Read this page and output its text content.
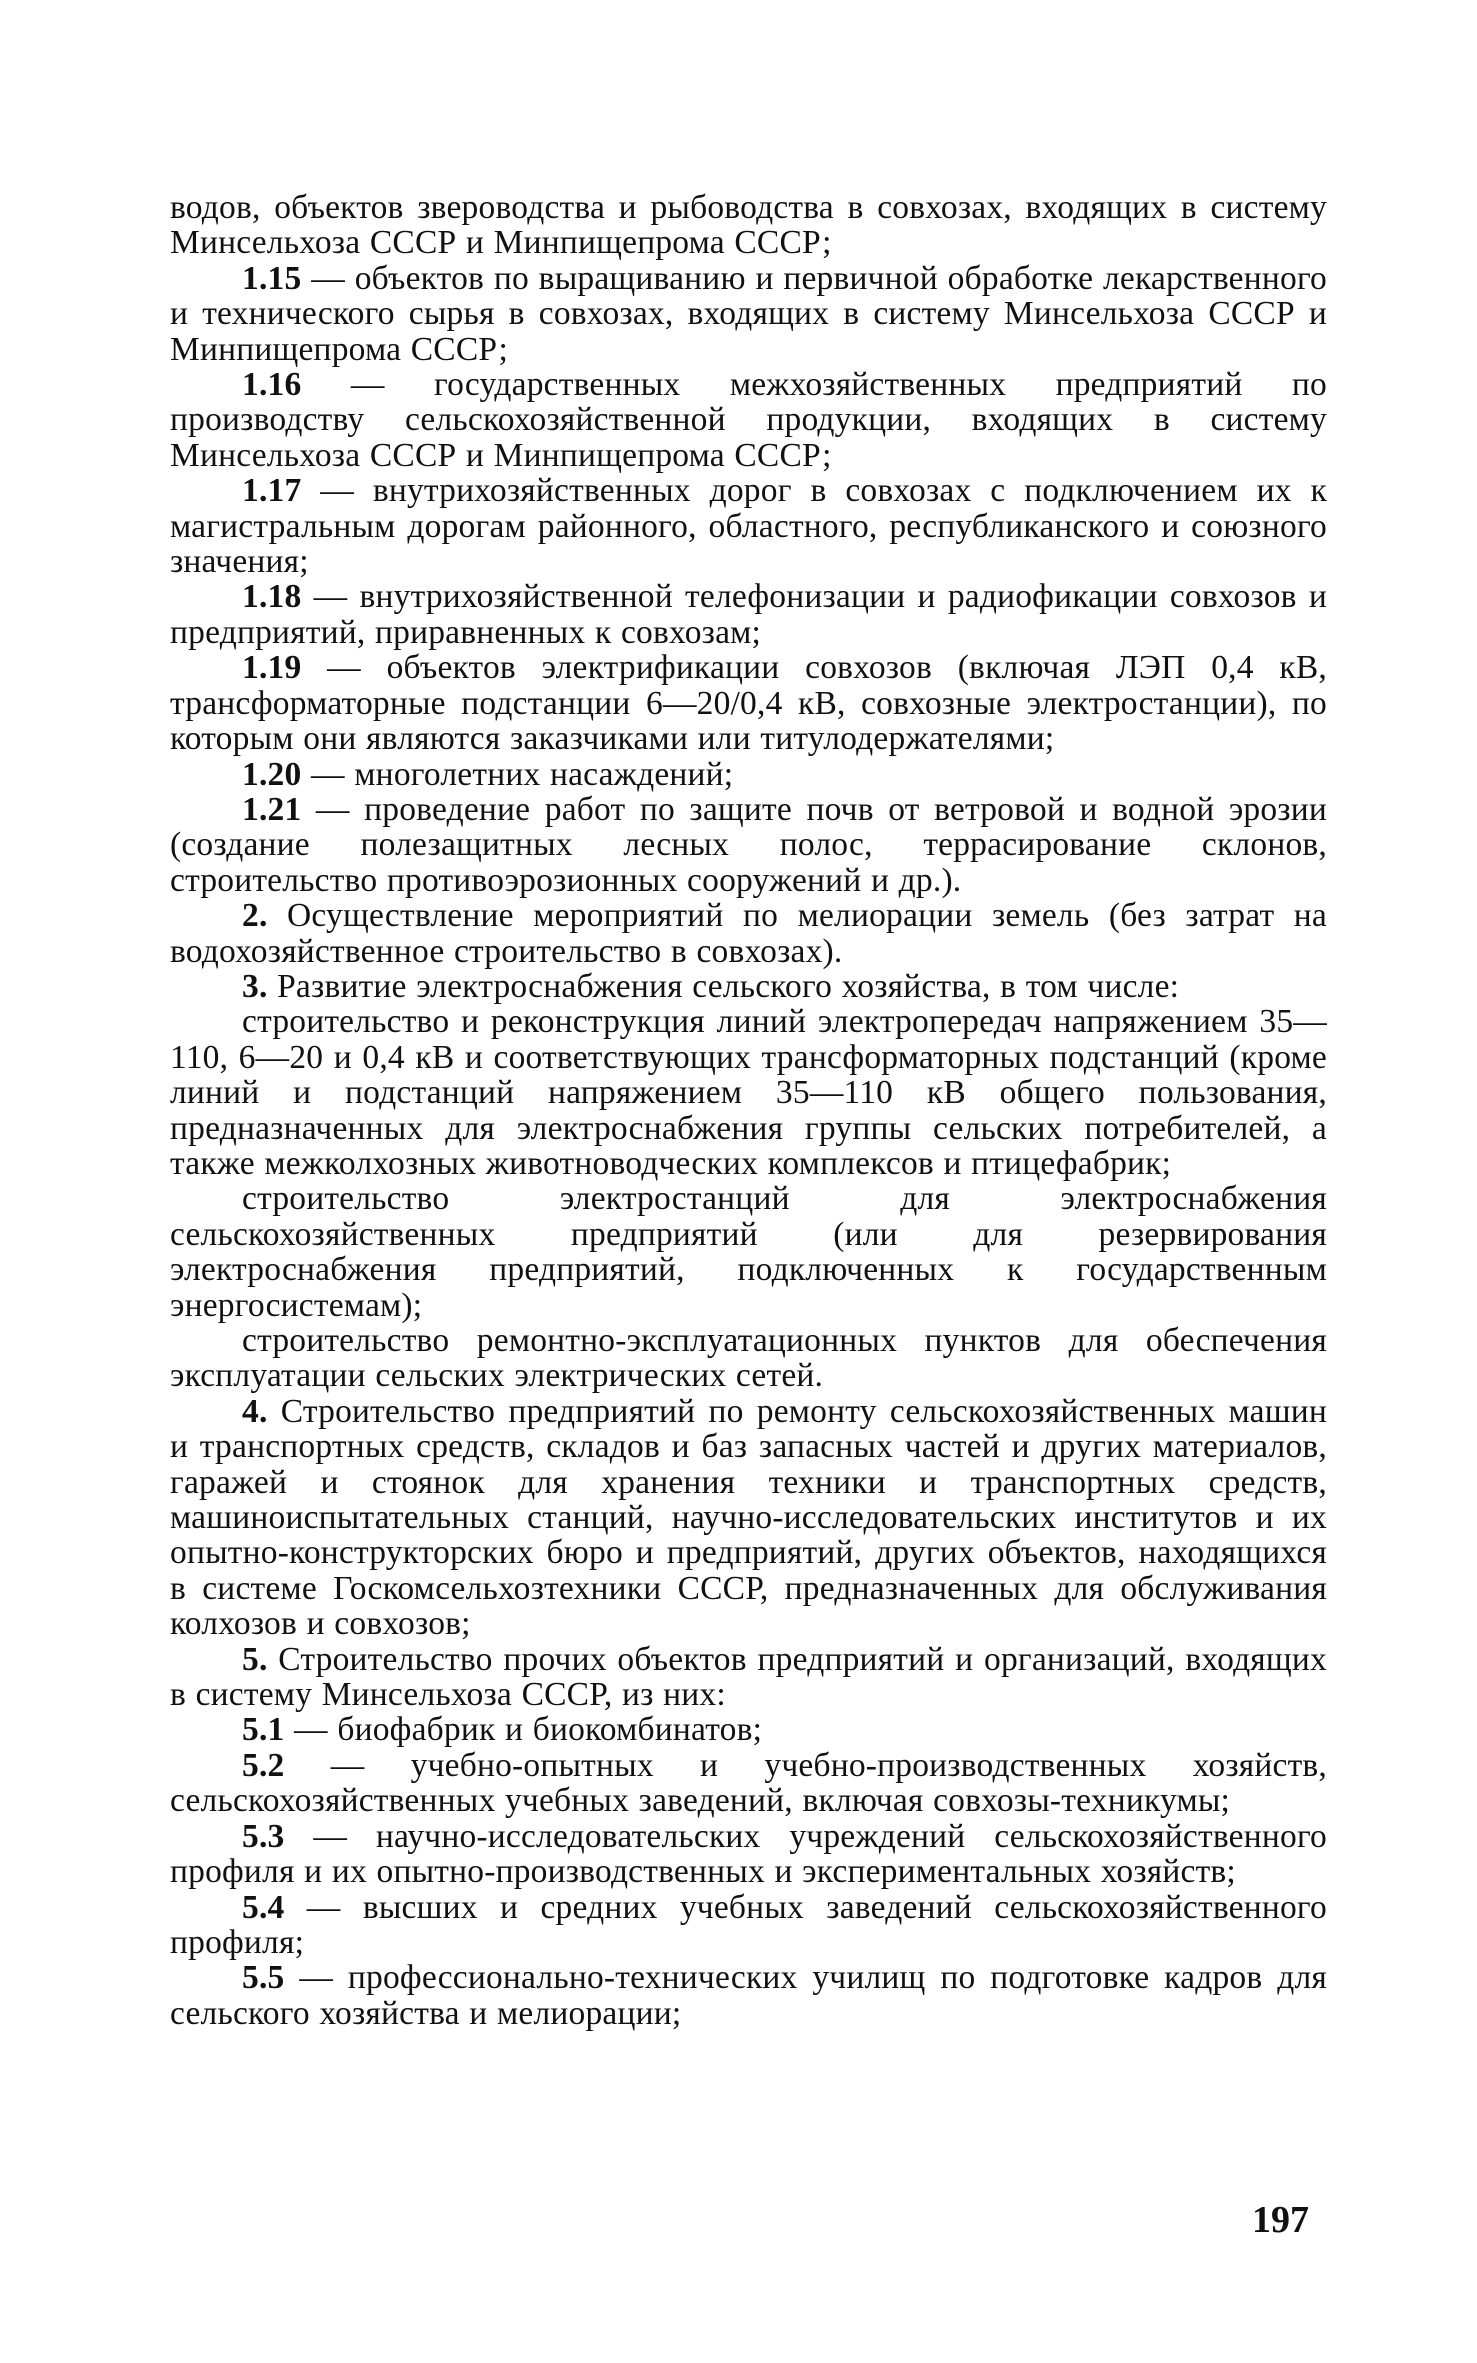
водов, объектов звероводства и рыбоводства в совхозах, входящих в систему Минсельхоза СССР и Минпищепрома СССР;

1.15 — объектов по выращиванию и первичной обработке лекарственного и технического сырья в совхозах, входящих в систему Минсельхоза СССР и Минпищепрома СССР;

1.16 — государственных межхозяйственных предприятий по производству сельскохозяйственной продукции, входящих в систему Минсельхоза СССР и Минпищепрома СССР;

1.17 — внутрихозяйственных дорог в совхозах с подключением их к магистральным дорогам районного, областного, республиканского и союзного значения;

1.18 — внутрихозяйственной телефонизации и радиофикации совхозов и предприятий, приравненных к совхозам;

1.19 — объектов электрификации совхозов (включая ЛЭП 0,4 кВ, трансформаторные подстанции 6—20/0,4 кВ, совхозные электростанции), по которым они являются заказчиками или титулодержателями;

1.20 — многолетних насаждений;

1.21 — проведение работ по защите почв от ветровой и водной эрозии (создание полезащитных лесных полос, террасирование склонов, строительство противоэрозионных сооружений и др.).

2. Осуществление мероприятий по мелиорации земель (без затрат на водохозяйственное строительство в совхозах).

3. Развитие электроснабжения сельского хозяйства, в том числе:

строительство и реконструкция линий электропередач напряжением 35—110, 6—20 и 0,4 кВ и соответствующих трансформаторных подстанций (кроме линий и подстанций напряжением 35—110 кВ общего пользования, предназначенных для электроснабжения группы сельских потребителей, а также межколхозных животноводческих комплексов и птицефабрик;

строительство электростанций для электроснабжения сельскохозяйственных предприятий (или для резервирования электроснабжения предприятий, подключенных к государственным энергосистемам);

строительство ремонтно-эксплуатационных пунктов для обеспечения эксплуатации сельских электрических сетей.

4. Строительство предприятий по ремонту сельскохозяйственных машин и транспортных средств, складов и баз запасных частей и других материалов, гаражей и стоянок для хранения техники и транспортных средств, машиноиспытательных станций, научно-исследовательских институтов и их опытно-конструкторских бюро и предприятий, других объектов, находящихся в системе Госкомсельхозтехники СССР, предназначенных для обслуживания колхозов и совхозов;

5. Строительство прочих объектов предприятий и организаций, входящих в систему Минсельхоза СССР, из них:

5.1 — биофабрик и биокомбинатов;

5.2 — учебно-опытных и учебно-производственных хозяйств, сельскохозяйственных учебных заведений, включая совхозы-техникумы;

5.3 — научно-исследовательских учреждений сельскохозяйственного профиля и их опытно-производственных и экспериментальных хозяйств;

5.4 — высших и средних учебных заведений сельскохозяйственного профиля;

5.5 — профессионально-технических училищ по подготовке кадров для сельского хозяйства и мелиорации;

197
